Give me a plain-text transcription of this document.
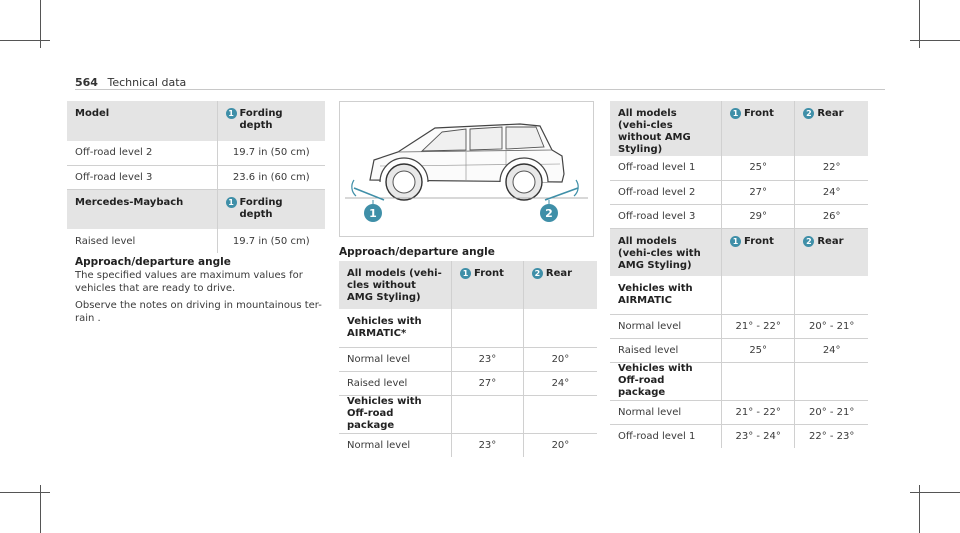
564 Technical data
Model	1 Fording depth
Off-road level 2	19.7 in (50 cm)
Off-road level 3	23.6 in (60 cm)
Mercedes-Maybach	1 Fording depth
Raised level	19.7 in (50 cm)
Approach/departure angle
The specified values are maximum values for
vehicles that are ready to drive.
Observe the notes on driving in mountainous ter-
rain .
1	2
Approach/departure angle
All models (vehi-cles without AMG Styling)	1 Front	2 Rear
Vehicles with AIRMATIC*		
Normal level	23°	20°
Raised level	27°	24°
Vehicles with Off-road package		
Normal level	23°	20°
All models (vehi-cles without AMG Styling)	1 Front	2 Rear
Off-road level 1	25°	22°
Off-road level 2	27°	24°
Off-road level 3	29°	26°
All models (vehi-cles with AMG Styling)	1 Front	2 Rear
Vehicles with AIRMATIC		
Normal level	21° - 22°	20° - 21°
Raised level	25°	24°
Vehicles with Off-road package		
Normal level	21° - 22°	20° - 21°
Off-road level 1	23° - 24°	22° - 23°
